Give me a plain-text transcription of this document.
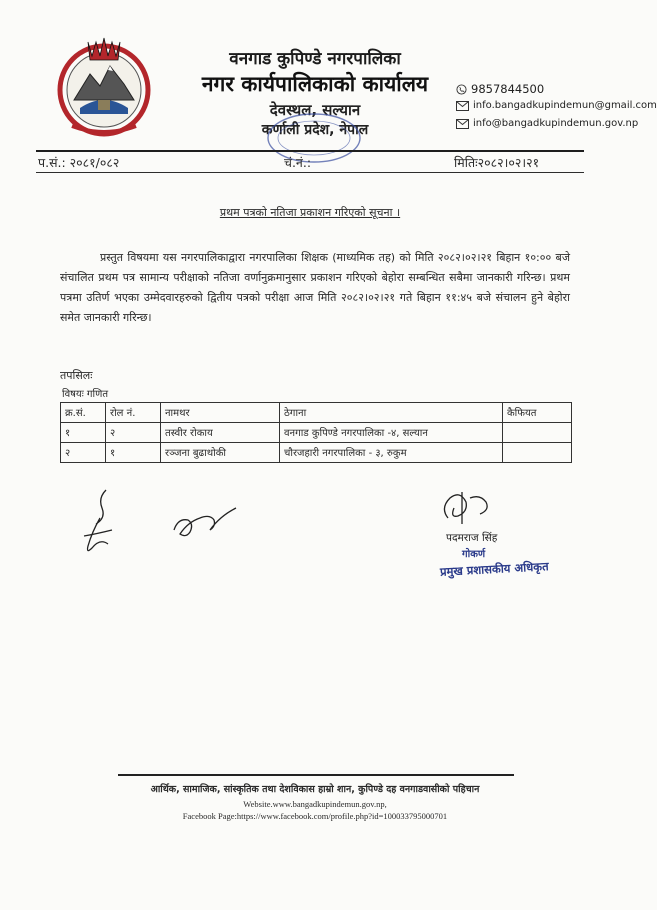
वनगाड कुपिण्डे नगरपालिका
नगर कार्यपालिकाको कार्यालय
देवस्थल, सल्यान
कर्णाली प्रदेश, नेपाल
9857844500
info.bangadkupindemun@gmail.com
info@bangadkupindemun.gov.np
प.सं.: २०८१/०८२	चं.नं.:	मितिः२०८२।०२।२१
प्रथम पत्रको नतिजा प्रकाशन गरिएको सूचना ।
प्रस्तुत विषयमा यस नगरपालिकाद्वारा नगरपालिका शिक्षक (माध्यमिक तह) को मिति २०८२।०२।२१ बिहान १०:०० बजे संचालित प्रथम पत्र सामान्य परीक्षाको नतिजा वर्णानुक्रमानुसार प्रकाशन गरिएको बेहोरा सम्बन्धित सबैमा जानकारी गरिन्छ। प्रथम पत्रमा उतिर्ण भएका उम्मेदवारहरुको द्वितीय पत्रको परीक्षा आज मिति २०८२।०२।२१ गते बिहान ११:४५ बजे संचालन हुने बेहोरा समेत जानकारी गरिन्छ।
तपसिलः
विषयः गणित
क्र.सं.	रोल नं.	नामथर	ठेगाना	कैफियत
१	२	तस्वीर रोकाय	वनगाड कुपिण्डे नगरपालिका -४, सल्यान	
२	१	रञ्जना बुढाथोकी	चौरजहारी नगरपालिका - ३, रुकुम	
पदमराज सिंह
गोकर्ण
प्रमुख प्रशासकीय अधिकृत
आर्थिक, सामाजिक, सांस्कृतिक तथा देशविकास हाम्रो शान, कुपिण्डे दह वनगाडवासीको पहिचान
Website.www.bangadkupindemun.gov.np,
Facebook Page:https://www.facebook.com/profile.php?id=100033795000701
